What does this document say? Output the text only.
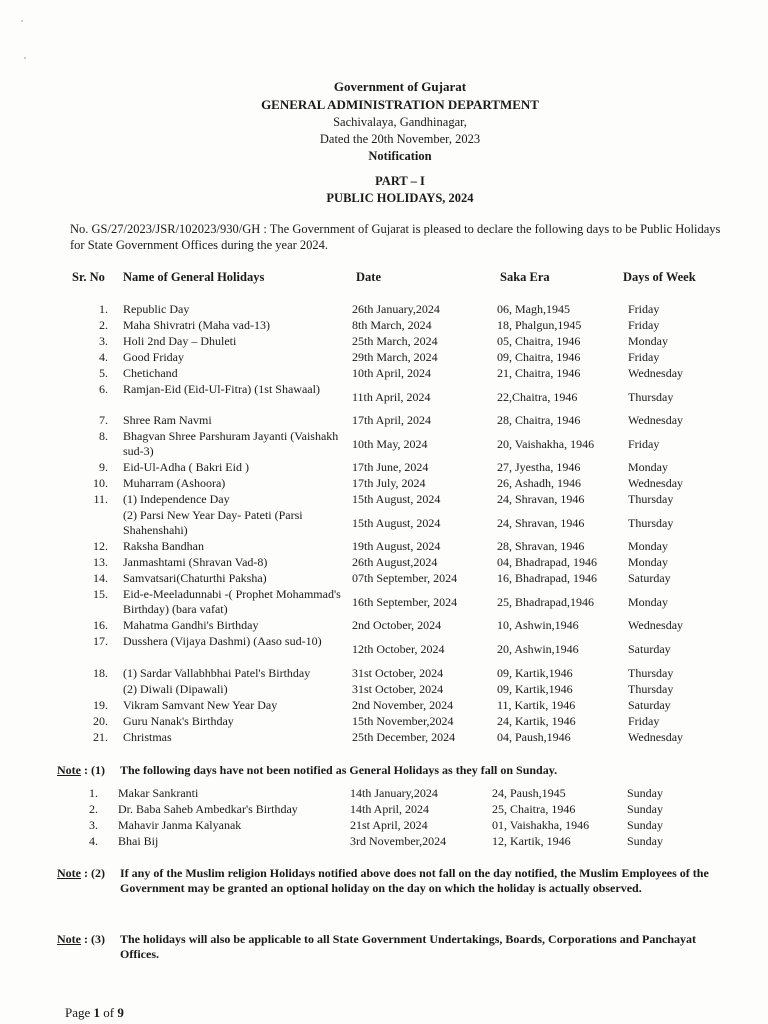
Government of Gujarat
GENERAL ADMINISTRATION DEPARTMENT
Sachivalaya, Gandhinagar,
Dated the 20th November, 2023
Notification
PART – I
PUBLIC HOLIDAYS, 2024
No. GS/27/2023/JSR/102023/930/GH : The Government of Gujarat is pleased to declare the following days to be Public Holidays for State Government Offices during the year 2024.
Sr. No Name of General Holidays	Date	Saka Era	Days of Week
1. Republic Day	26th January,2024	06, Magh,1945	Friday
2. Maha Shivratri (Maha vad-13)	8th March, 2024	18, Phalgun,1945	Friday
3. Holi 2nd Day – Dhuleti	25th March, 2024	05, Chaitra, 1946	Monday
4. Good Friday	29th March, 2024	09, Chaitra, 1946	Friday
5. Chetichand	10th April, 2024	21, Chaitra, 1946	Wednesday
6. Ramjan-Eid (Eid-Ul-Fitra) (1st Shawaal)
11th April, 2024	22,Chaitra, 1946	Thursday
7. Shree Ram Navmi	17th April, 2024	28, Chaitra, 1946	Wednesday
8. Bhagvan Shree Parshuram Jayanti (Vaishakh sud-3)
10th May, 2024	20, Vaishakha, 1946	Friday
9. Eid-Ul-Adha ( Bakri Eid )	17th June, 2024	27, Jyestha, 1946	Monday
10. Muharram (Ashoora)	17th July, 2024	26, Ashadh, 1946	Wednesday
11. (1) Independence Day	15th August, 2024	24, Shravan, 1946	Thursday
(2) Parsi New Year Day- Pateti (Parsi Shahenshahi)
15th August, 2024	24, Shravan, 1946	Thursday
12. Raksha Bandhan	19th August, 2024	28, Shravan, 1946	Monday
13. Janmashtami (Shravan Vad-8)	26th August,2024	04, Bhadrapad, 1946	Monday
14. Samvatsari(Chaturthi Paksha)	07th September, 2024	16, Bhadrapad, 1946	Saturday
15. Eid-e-Meeladunnabi -( Prophet Mohammad's Birthday) (bara vafat)
16th September, 2024	25, Bhadrapad,1946	Monday
16. Mahatma Gandhi's Birthday	2nd October, 2024	10, Ashwin,1946	Wednesday
17. Dusshera (Vijaya Dashmi) (Aaso sud-10)
12th October, 2024	20, Ashwin,1946	Saturday
18. (1) Sardar Vallabhbhai Patel's Birthday	31st October, 2024	09, Kartik,1946	Thursday
(2) Diwali (Dipawali)	31st October, 2024	09, Kartik,1946	Thursday
19. Vikram Samvant New Year Day	2nd November, 2024	11, Kartik, 1946	Saturday
20. Guru Nanak's Birthday	15th November,2024	24, Kartik, 1946	Friday
21. Christmas	25th December, 2024	04, Paush,1946	Wednesday
Note : (1) The following days have not been notified as General Holidays as they fall on Sunday.
1. Makar Sankranti	14th January,2024	24, Paush,1945	Sunday
2. Dr. Baba Saheb Ambedkar's Birthday	14th April, 2024	25, Chaitra, 1946	Sunday
3. Mahavir Janma Kalyanak	21st April, 2024	01, Vaishakha, 1946	Sunday
4. Bhai Bij	3rd November,2024	12, Kartik, 1946	Sunday
Note : (2) If any of the Muslim religion Holidays notified above does not fall on the day notified, the Muslim Employees of the Government may be granted an optional holiday on the day on which the holiday is actually observed.
Note : (3) The holidays will also be applicable to all State Government Undertakings, Boards, Corporations and Panchayat Offices.
Page 1 of 9
